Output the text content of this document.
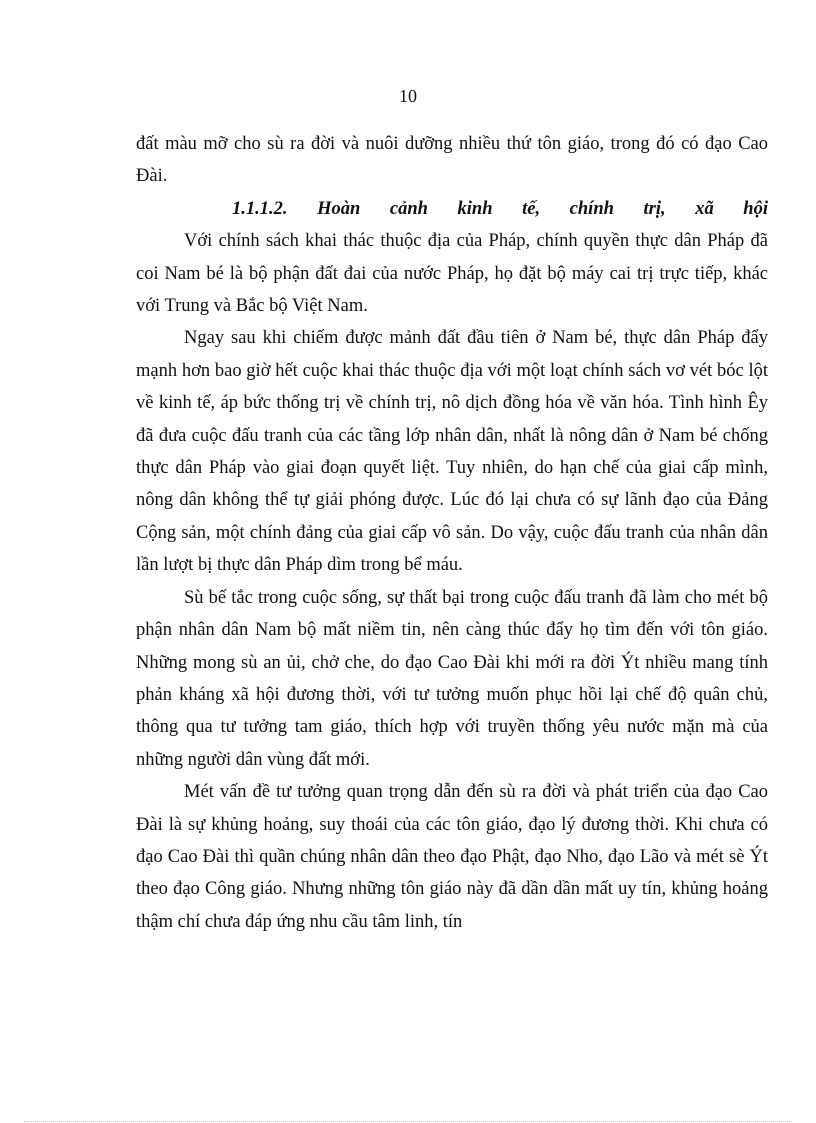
10

đất màu mỡ cho sù ra đời và nuôi dưỡng nhiều thứ tôn giáo, trong đó có đạo Cao Đài.

1.1.1.2. Hoàn cảnh kinh tế, chính trị, xã hội

Với chính sách khai thác thuộc địa của Pháp, chính quyền thực dân Pháp đã coi Nam bé là bộ phận đất đai của nước Pháp, họ đặt bộ máy cai trị trực tiếp, khác với Trung và Bắc bộ Việt Nam.

Ngay sau khi chiếm được mảnh đất đầu tiên ở Nam bé, thực dân Pháp đẩy mạnh hơn bao giờ hết cuộc khai thác thuộc địa với một loạt chính sách vơ vét bóc lột về kinh tế, áp bức thống trị về chính trị, nô dịch đồng hóa về văn hóa. Tình hình Êy đã đưa cuộc đấu tranh của các tầng lớp nhân dân, nhất là nông dân ở Nam bé chống thực dân Pháp vào giai đoạn quyết liệt. Tuy nhiên, do hạn chế của giai cấp mình, nông dân không thể tự giải phóng được. Lúc đó lại chưa có sự lãnh đạo của Đảng Cộng sản, một chính đảng của giai cấp vô sản. Do vậy, cuộc đấu tranh của nhân dân lần lượt bị thực dân Pháp dìm trong bể máu.

Sù bế tắc trong cuộc sống, sự thất bại trong cuộc đấu tranh đã làm cho mét bộ phận nhân dân Nam bộ mất niềm tin, nên càng thúc đẩy họ tìm đến với tôn giáo. Những mong sù an ủi, chở che, do đạo Cao Đài khi mới ra đời Ýt nhiều mang tính phản kháng xã hội đương thời, với tư tưởng muốn phục hồi lại chế độ quân chủ, thông qua tư tưởng tam giáo, thích hợp với truyền thống yêu nước mặn mà của những người dân vùng đất mới.

Mét vấn đề tư tưởng quan trọng dẫn đến sù ra đời và phát triển của đạo Cao Đài là sự khủng hoảng, suy thoái của các tôn giáo, đạo lý đương thời. Khi chưa có đạo Cao Đài thì quần chúng nhân dân theo đạo Phật, đạo Nho, đạo Lão và mét sè Ýt theo đạo Công giáo. Nhưng những tôn giáo này đã dần dần mất uy tín, khủng hoảng thậm chí chưa đáp ứng nhu cầu tâm linh, tín
